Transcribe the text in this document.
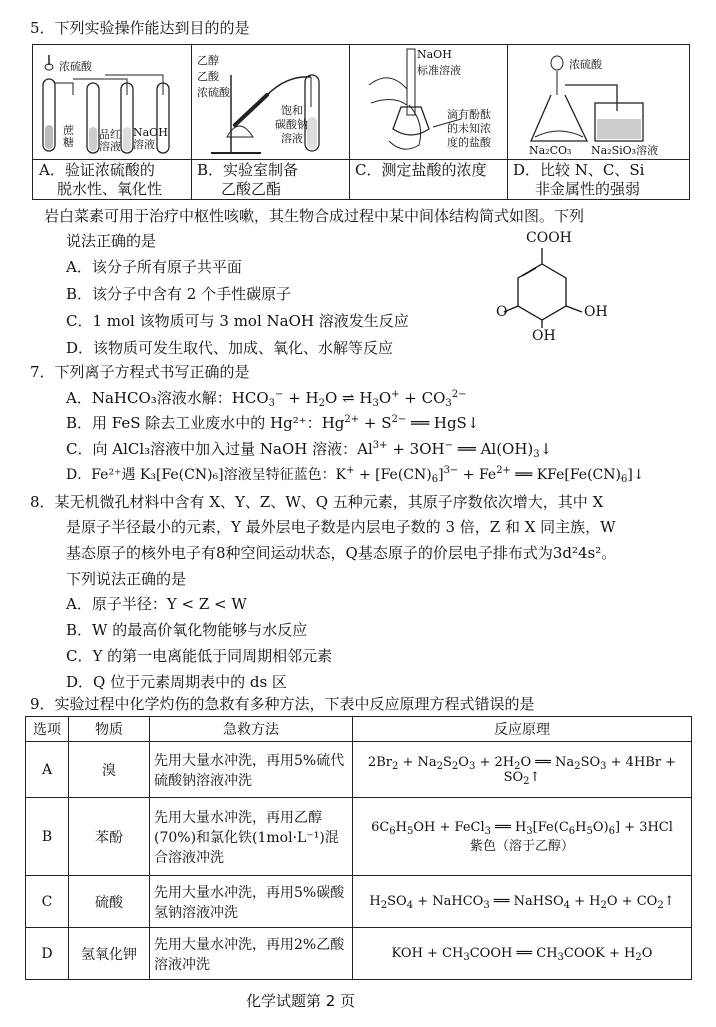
5．下列实验操作能达到目的的是
浓硫酸
蔗糖
品红溶液
NaOH溶液
A．验证浓硫酸的
脱水性、氧化性
乙醇
乙酸
浓硫酸
饱和
碳酸钠
溶液
B．实验室制备
乙酸乙酯
NaOH
标准溶液
滴有酚酞
的未知浓
度的盐酸
C．测定盐酸的浓度
浓硫酸
Na₂CO₃ Na₂SiO₃溶液
D．比较 N、C、Si
非金属性的强弱
岩白菜素可用于治疗中枢性咳嗽，其生物合成过程中某中间体结构简式如图。下列
说法正确的是
A．该分子所有原子共平面
B．该分子中含有 2 个手性碳原子
C．1 mol 该物质可与 3 mol NaOH 溶液发生反应
D．该物质可发生取代、加成、氧化、水解等反应
COOH
O	OH
OH
7．下列离子方程式书写正确的是
A．NaHCO₃溶液水解：$HCO_3^- + H_2O$ ⇌ $H_3O^+ + CO_3^{2-}$
B．用 FeS 除去工业废水中的 Hg²⁺：$Hg^{2+} + S^{2-}$ ══ HgS↓
C．向 AlCl₃溶液中加入过量 NaOH 溶液：$Al^{3+} + 3OH^-$ ══ $Al(OH)_3↓$
D．Fe²⁺遇 K₃[Fe(CN)₆]溶液呈特征蓝色：$K^+ + [Fe(CN)_6]^{3-} + Fe^{2+}$ ══ $KFe[Fe(CN)_6]↓$
8．某无机微孔材料中含有 X、Y、Z、W、Q 五种元素，其原子序数依次增大，其中 X
是原子半径最小的元素，Y 最外层电子数是内层电子数的 3 倍，Z 和 X 同主族，W
基态原子的核外电子有8种空间运动状态，Q基态原子的价层电子排布式为3d²4s²。
下列说法正确的是
A．原子半径：Y < Z < W
B．W 的最高价氧化物能够与水反应
C．Y 的第一电离能低于同周期相邻元素
D．Q 位于元素周期表中的 ds 区
9．实验过程中化学灼伤的急救有多种方法，下表中反应原理方程式错误的是
选项	物质	急救方法	反应原理
A	溴	先用大量水冲洗，再用5%硫代硫酸钠溶液冲洗	$2Br_2 + Na_2S_2O_3 + 2H_2O$ ══ $Na_2SO_3 + 4HBr$ + $SO_2↑$
B	苯酚	先用大量水冲洗，再用乙醇(70%)和氯化铁(1mol·L⁻¹)混合溶液冲洗	$6C_6H_5OH$ + FeCl$_3$ ══ $H_3[Fe(C_6H_5O)_6] + 3HCl$
紫色（溶于乙醇）
C	硫酸	先用大量水冲洗，再用5%碳酸氢钠溶液冲洗	$H_2SO_4$ + NaHCO$_3$ ══ NaHSO$_4$ + $H_2O$ + $CO_2↑$
D	氢氧化钾	先用大量水冲洗，再用2%乙酸溶液冲洗	KOH + $CH_3COOH$ ══ $CH_3COOK + H_2O$
化学试题第 2 页
